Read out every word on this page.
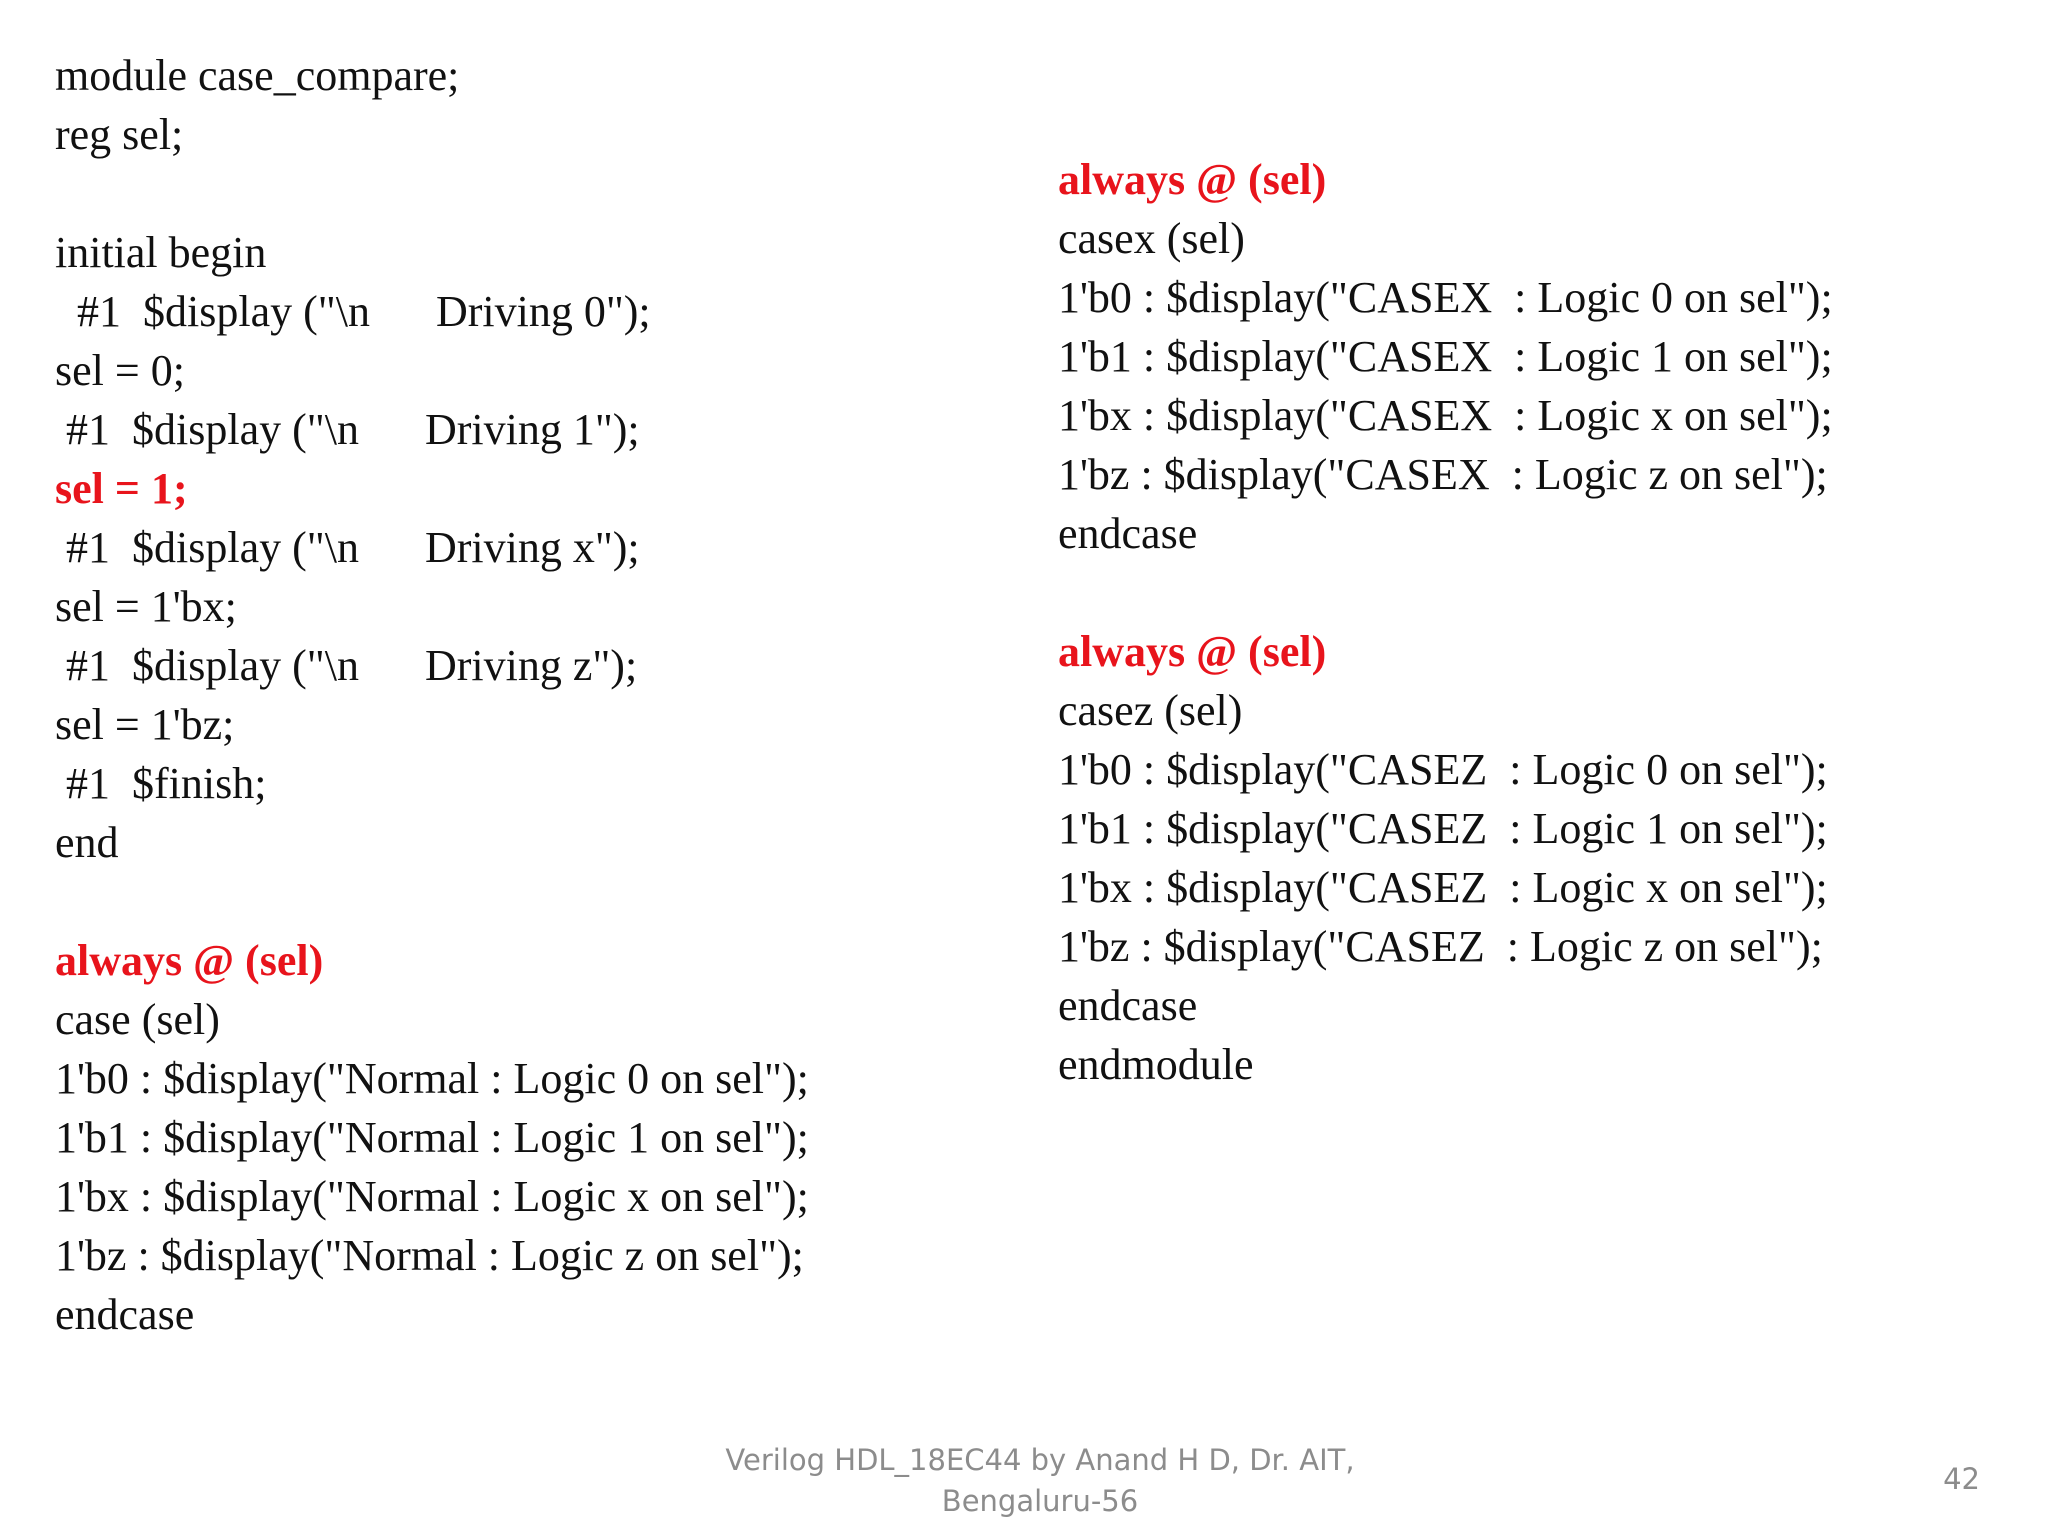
module case_compare;
reg sel;
initial begin
#1  $display ("\n      Driving 0");
sel = 0;
#1  $display ("\n      Driving 1");
sel = 1;
#1  $display ("\n      Driving x");
sel = 1'bx;
#1  $display ("\n      Driving z");
sel = 1'bz;
#1  $finish;
end
always @ (sel)
case (sel)
1'b0 : $display("Normal : Logic 0 on sel");
1'b1 : $display("Normal : Logic 1 on sel");
1'bx : $display("Normal : Logic x on sel");
1'bz : $display("Normal : Logic z on sel");
endcase
always @ (sel)
casex (sel)
1'b0 : $display("CASEX  : Logic 0 on sel");
1'b1 : $display("CASEX  : Logic 1 on sel");
1'bx : $display("CASEX  : Logic x on sel");
1'bz : $display("CASEX  : Logic z on sel");
endcase
always @ (sel)
casez (sel)
1'b0 : $display("CASEZ  : Logic 0 on sel");
1'b1 : $display("CASEZ  : Logic 1 on sel");
1'bx : $display("CASEZ  : Logic x on sel");
1'bz : $display("CASEZ  : Logic z on sel");
endcase
endmodule
Verilog HDL_18EC44 by Anand H D, Dr. AIT,
Bengaluru-56
42
